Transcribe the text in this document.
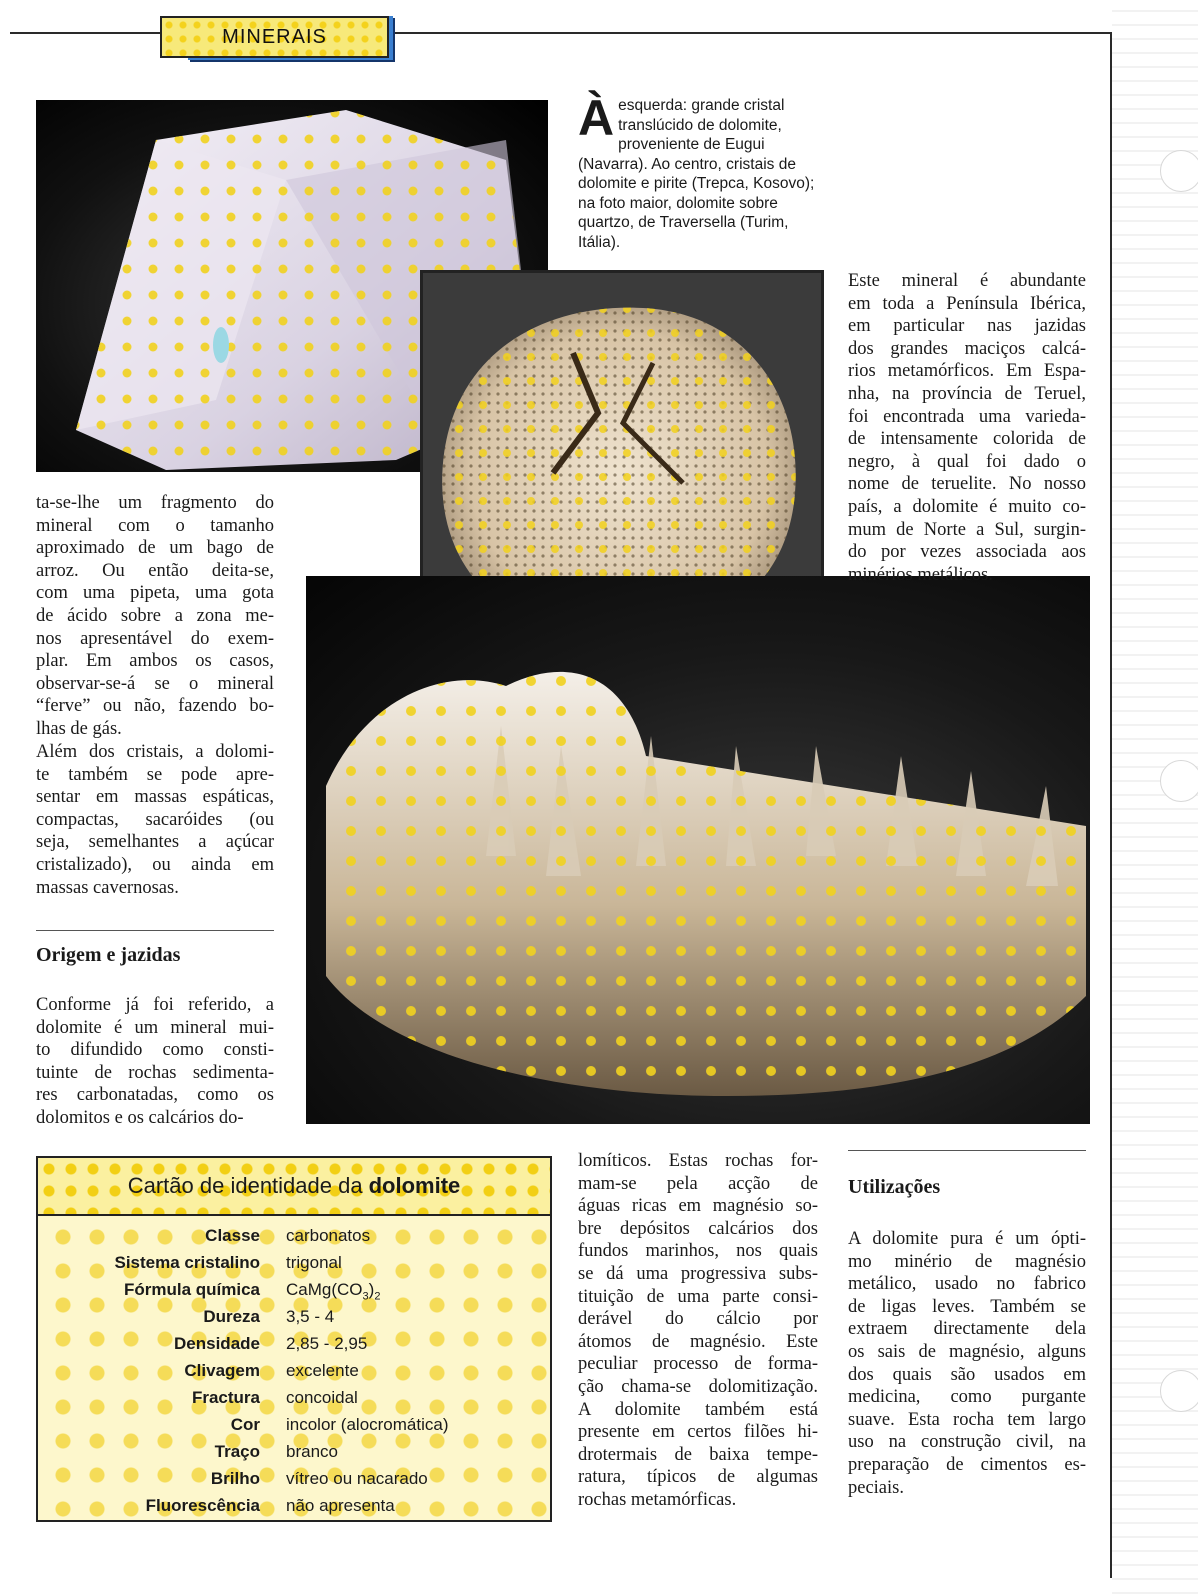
MINERAIS

Àesquerda: grande cristal translúcido de dolomite, proveniente de Eugui (Navarra). Ao centro, cristais de dolomite e pirite (Trepca, Kosovo); na foto maior, dolomite sobre quartzo, de Traversella (Turim, Itália).

Este mineral é abundante
em toda a Península Ibérica,
em particular nas jazidas
dos grandes maciços calcá-
rios metamórficos. Em Espa-
nha, na província de Teruel,
foi encontrada uma varieda-
de intensamente colorida de
negro, à qual foi dado o
nome de teruelite. No nosso
país, a dolomite é muito co-
mum de Norte a Sul, surgin-
do por vezes associada aos
minérios metálicos.
ta-se-lhe um fragmento do
mineral com o tamanho
aproximado de um bago de
arroz. Ou então deita-se,
com uma pipeta, uma gota
de ácido sobre a zona me-
nos apresentável do exem-
plar. Em ambos os casos,
observar-se-á se o mineral
“ferve” ou não, fazendo bo-
lhas de gás.
Além dos cristais, a dolomi-
te também se pode apre-
sentar em massas espáticas,
compactas, sacaróides (ou
seja, semelhantes a açúcar
cristalizado), ou ainda em
massas cavernosas.

Origem e jazidas

Conforme já foi referido, a
dolomite é um mineral mui-
to difundido como consti-
tuinte de rochas sedimenta-
res carbonatadas, como os
dolomitos e os calcários do-
lomíticos. Estas rochas for-
mam-se pela acção de
águas ricas em magnésio so-
bre depósitos calcários dos
fundos marinhos, nos quais
se dá uma progressiva subs-
tituição de uma parte consi-
derável do cálcio por
átomos de magnésio. Este
peculiar processo de forma-
ção chama-se dolomitização.
A dolomite também está
presente em certos filões hi-
drotermais de baixa tempe-
ratura, típicos de algumas
rochas metamórficas.

Utilizações

A dolomite pura é um ópti-
mo minério de magnésio
metálico, usado no fabrico
de ligas leves. Também se
extraem directamente dela
os sais de magnésio, alguns
dos quais são usados em
medicina, como purgante
suave. Esta rocha tem largo
uso na construção civil, na
preparação de cimentos es-
peciais.
Cartão de identidade da dolomite
Classe carbonatos
Sistema cristalino trigonal
Fórmula química $CaMg(CO_3)_2$
Dureza 3,5 - 4
Densidade 2,85 - 2,95
Clivagem excelente
Fractura concoidal
Cor incolor (alocromática)
Traço branco
Brilho vítreo ou nacarado
Fluorescência não apresenta
